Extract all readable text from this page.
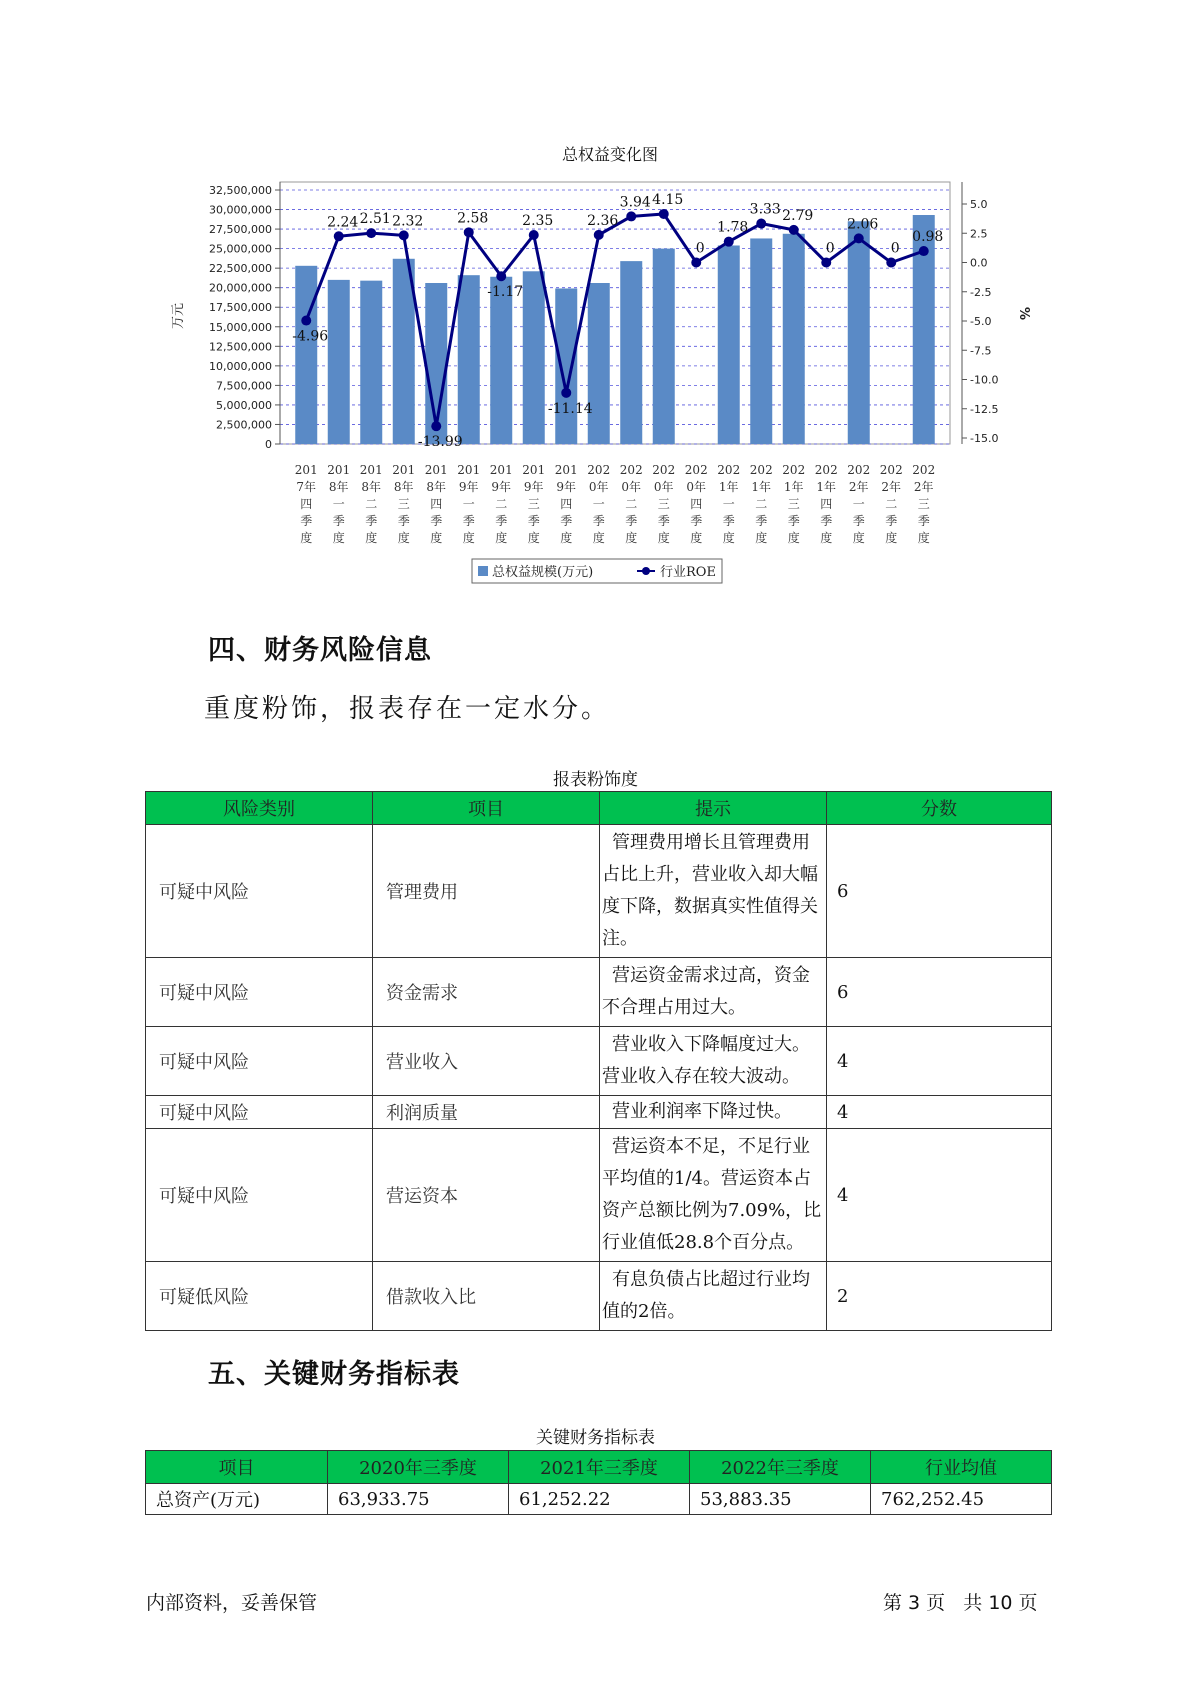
总权益变化图
32,500,000
30,000,000
27,500,000
25,000,000
22,500,000
20,000,000
17,500,000
15,000,000
12,500,000
10,000,000
7,500,000
5,000,000
2,500,000
0
5.0
2.5
0.0
-2.5
-5.0
-7.5
-10.0
-12.5
-15.0
万元	%
-4.96
2.24 2.51 2.32
-13.99
2.58
-1.17
2.35
-11.14
2.36
3.94 4.15
0
1.78
3.33 2.79
0
2.06
0
0.98
201
7年
四
季
度
201
8年
一
季
度
201
8年
二
季
度
201
8年
三
季
度
201
8年
四
季
度
201
9年
一
季
度
201
9年
二
季
度
201
9年
三
季
度
201
9年
四
季
度
202
0年
一
季
度
202
0年
二
季
度
202
0年
三
季
度
202
0年
四
季
度
202
1年
一
季
度
202
1年
二
季
度
202
1年
三
季
度
202
1年
四
季
度
202
2年
一
季
度
202
2年
二
季
度
202
2年
三
季
度
总权益规模(万元)	行业ROE
四、财务风险信息
重度粉饰，报表存在一定水分。
报表粉饰度
风险类别	项目	提示	分数
可疑中风险	管理费用	管理费用增长且管理费用占比上升，营业收入却大幅度下降，数据真实性值得关注。	6
可疑中风险	资金需求	营运资金需求过高，资金不合理占用过大。	6
可疑中风险	营业收入	营业收入下降幅度过大。营业收入存在较大波动。	4
可疑中风险	利润质量	营业利润率下降过快。	4
可疑中风险	营运资本	营运资本不足，不足行业平均值的1/4。营运资本占资产总额比例为7.09%，比行业值低28.8个百分点。	4
可疑低风险	借款收入比	有息负债占比超过行业均值的2倍。	2
五、关键财务指标表
关键财务指标表
项目	2020年三季度	2021年三季度	2022年三季度	行业均值
总资产(万元)	63,933.75	61,252.22	53,883.35	762,252.45
内部资料，妥善保管	第 3 页   共 10 页
